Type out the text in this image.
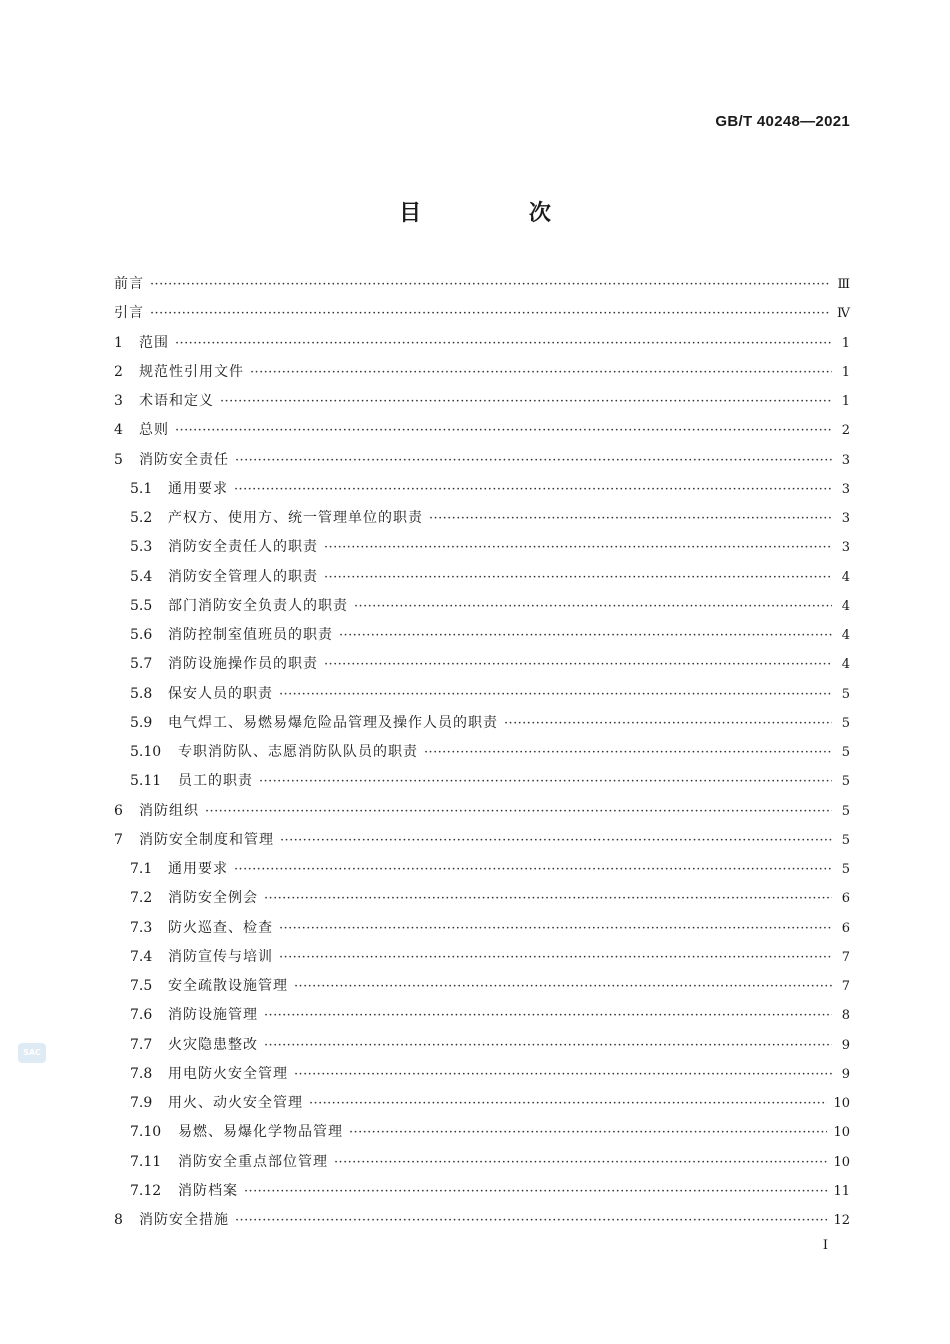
GB/T 40248—2021
目 次
前言 ·····	Ⅲ
引言 ·····	Ⅳ
1	范围 ·····	1
2	规范性引用文件 ·····	1
3	术语和定义 ·····	1
4	总则 ·····	2
5	消防安全责任 ·····	3
5.1	通用要求 ·····	3
5.2	产权方、使用方、统一管理单位的职责 ·····	3
5.3	消防安全责任人的职责 ·····	3
5.4	消防安全管理人的职责 ·····	4
5.5	部门消防安全负责人的职责 ·····	4
5.6	消防控制室值班员的职责 ·····	4
5.7	消防设施操作员的职责 ·····	4
5.8	保安人员的职责 ·····	5
5.9	电气焊工、易燃易爆危险品管理及操作人员的职责 ·····	5
5.10	专职消防队、志愿消防队队员的职责 ·····	5
5.11	员工的职责 ·····	5
6	消防组织 ·····	5
7	消防安全制度和管理 ·····	5
7.1	通用要求 ·····	5
7.2	消防安全例会 ·····	6
7.3	防火巡查、检查 ·····	6
7.4	消防宣传与培训 ·····	7
7.5	安全疏散设施管理 ·····	7
7.6	消防设施管理 ·····	8
7.7	火灾隐患整改 ·····	9
7.8	用电防火安全管理 ·····	9
7.9	用火、动火安全管理 ·····	10
7.10	易燃、易爆化学物品管理 ·····	10
7.11	消防安全重点部位管理 ·····	10
7.12	消防档案 ·····	11
8	消防安全措施 ·····	12
SAC
I
